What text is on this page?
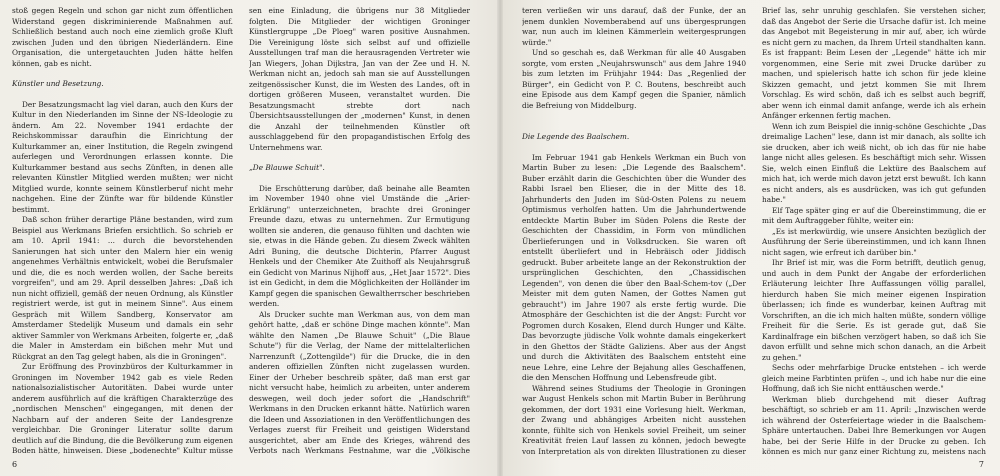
stoß gegen Regeln und schon gar nicht zum öffentlichen Widerstand gegen diskriminierende Maßnahmen auf. Schließlich bestand auch noch eine ziemlich große Kluft zwischen Juden und den übrigen Niederländern. Eine Organisation, die untergetauchten Juden hätte helfen können, gab es nicht.

Künstler und Besetzung.

Der Besatzungsmacht lag viel daran, auch den Kurs der Kultur in den Niederlanden im Sinne der NS-Ideologie zu ändern. Am 22. November 1941 erdachte der Reichskommissar daraufhin die Einrichtung der Kulturkammer an, einer Institution, die Regeln zwingend auferlegen und Verordnungen erlassen konnte. Die Kulturkammer bestand aus sechs Zünften, in denen alle relevanten Künstler Mitglied werden mußten; wer nicht Mitglied wurde, konnte seinem Künstlerberuf nicht mehr nachgehen. Eine der Zünfte war für bildende Künstler bestimmt.

Daß schon früher derartige Pläne bestanden, wird zum Beispiel aus Werkmans Briefen ersichtlich. So schrieb er am 10. April 1941: ... durch die bevorstehenden Sanierungen hat sich unter den Malern hier ein wenig angenehmes Verhältnis entwickelt, wobei die Berufsmaler und die, die es noch werden wollen, der Sache bereits vorgreifen", und am 29. April desselben Jahres: „Daß ich nun nicht offiziell, gemäß der neuen Ordnung, als Künstler registriert werde, ist gut in meinem Sinne". Aus einem Gespräch mit Willem Sandberg, Konservator am Amsterdamer Stedelijk Museum und damals ein sehr aktiver Sammler von Werkmans Arbeiten, folgerte er, „daß die Maler in Amsterdam ein bißchen mehr Mut und Rückgrat an den Tag gelegt haben, als die in Groningen".

Zur Eröffnung des Provinzbüros der Kulturkammer in Groningen im November 1942 gab es viele Reden nationalsozialistischer Autoritäten. Dabei wurde unter anderem ausführlich auf die kräftigen Charakterzüge des „nordischen Menschen" eingegangen, mit denen der Nachbarn auf der anderen Seite der Landesgrenze vergleichbar. Die Groninger Literatur sollte darum deutlich auf die Bindung, die die Bevölkerung zum eigenen Boden hätte, hinweisen. Diese „bodenechte" Kultur müsse

sen eine Einladung, die übrigens nur 38 Mitglieder folgten. Die Mitglieder der wichtigen Groninger Künstlergruppe „De Ploeg" waren positive Ausnahmen. Die Vereinigung löste sich selbst auf und offizielle Ausstellungen traf man die herausragenden Vertreter wie Jan Wiegers, Johan Dijkstra, Jan van der Zee und H. N. Werkman nicht an, jedoch sah man sie auf Ausstellungen zeitgenössischer Kunst, die im Westen des Landes, oft in dortigen größeren Museen, veranstaltet wurden. Die Besatzungsmacht strebte dort nach Übersichtsausstellungen der „modernen" Kunst, in denen die Anzahl der teilnehmenden Künstler oft ausschlaggebend für den propagandistischen Erfolg des Unternehmens war.

„De Blauwe Schuit".

Die Erschütterung darüber, daß beinahe alle Beamten im November 1940 ohne viel Umstände die „Arier-Erklärung" unterzeichneten, brachte drei Groninger Freunde dazu, etwas zu unternehmen. Zur Ermutigung wollten sie anderen, die genauso fühlten und dachten wie sie, etwas in die Hände geben. Zu diesem Zweck wählten Adri Buning, die deutsche Dichterin, Pfarrer August Henkels und der Chemiker Ate Zuithoff als Neujahrsgruß ein Gedicht von Marinus Nijhoff aus, „Het Jaar 1572". Dies ist ein Gedicht, in dem die Möglichkeiten der Holländer im Kampf gegen die spanischen Gewaltherrscher beschrieben werden.

Als Drucker suchte man Werkman aus, von dem man gehört hatte, „daß er schöne Dinge machen könnte". Man wählte den Namen „De Blauwe Schuit" („Die Blaue Schute") für die Verlag, der Name der mittelalterlichen Narrenzunft („Zottengilde") für die Drucke, die in den anderen offiziellen Zünften nicht zugelassen wurden. Einer der Urheber beschreib später, daß man erst gar nicht versucht habe, heimlich zu arbeiten, unter anderem deswegen, weil doch jeder sofort die „Handschrift" Werkmans in den Drucken erkannt hätte. Natürlich waren die Ideen und Assoziationen in den Veröffentlichungen des Verlages zuerst für Freiheit und geistigen Widerstand ausgerichtet, aber am Ende des Krieges, während des Verbots nach Werkmans Festnahme, war die „Völkische

6

teren verließen wir uns darauf, daß der Funke, der an jenem dunklen Novemberabend auf uns übergesprungen war, nun auch im kleinen Kämmerlein weitergesprungen würde."

Und so geschah es, daß Werkman für alle 40 Ausgaben sorgte, vom ersten „Neujahrswunsch" aus dem Jahre 1940 bis zum letzten im Frühjahr 1944: Das „Regenlied der Bürger", ein Gedicht von P. C. Boutens, beschreibt auch eine Episode aus dem Kampf gegen die Spanier, nämlich die Befreiung von Middelburg.

Die Legende des Baalschem.

Im Februar 1941 gab Henkels Werkman ein Buch von Martin Buber zu lesen: „Die Legende des Baalschem". Buber erzählt darin die Geschichten über die Wunder des Rabbi Israel ben Elieser, die in der Mitte des 18. Jahrhunderts den Juden im Süd-Osten Polens zu neuem Optimismus verholfen hatten. Um die Jahrhundertwende entdeckte Martin Buber im Süden Polens die Reste der Geschichten der Chassidim, in Form von mündlichen Überlieferungen und in Volksdrucken. Sie waren oft entstellt überliefert und in Hebräisch oder Jiddisch gedruckt. Buber arbeitete lange an der Rekonstruktion der ursprünglichen Geschichten, den „Chassidischen Legenden", von denen die über den Baal-Schem-tov („Der Meister mit dem guten Namen, der Gottes Namen gut gebraucht") im Jahre 1907 als erste fertig wurde. Die Atmosphäre der Geschichten ist die der Angst: Furcht vor Pogromen durch Kosaken, Elend durch Hunger und Kälte. Das bevorzugte jüdische Volk wohnte damals eingekerkert in den Ghettos der Städte Galiziens. Aber aus der Angst und durch die Aktivitäten des Baalschem entsteht eine neue Lehre, eine Lehre der Bejahung alles Geschaffenen, die den Menschen Hoffnung und Lebensfreude gibt.

Während seines Studiums der Theologie in Groningen war August Henkels schon mit Martin Buber in Berührung gekommen, der dort 1931 eine Vorlesung hielt. Werkman, der Zwang und abhängiges Arbeiten nicht ausstehen konnte, fühlte sich von Henkels soviel Freiheit, um seiner Kreativität freien Lauf lassen zu können, jedoch bewegte von Interpretation als von direkten Illustrationen zu dieser

Brief las, sehr unruhig geschlafen. Sie verstehen sicher, daß das Angebot der Serie die Ursache dafür ist. Ich meine das Angebot mit Begeisterung in mir auf, aber, ich würde es nicht gern zu machen, da Ihrem Urteil standhalten kann. Es ist frappant: Beim Lesen der „Legende" hätte ich mir vorgenommen, eine Serie mit zwei Drucke darüber zu machen, und spielerisch hatte ich schon für jede kleine Skizzen gemacht, und jetzt kommen Sie mit Ihrem Vorschlag. Es wird schön, daß ich es selbst auch begriff, aber wenn ich einmal damit anfange, werde ich als erhein Anfänger erkennen fertig machen.

Wenn ich zum Beispiel die innig-schöne Geschichte „Das dreimalige Lachen" lese, dann ist mir danach, als sollte ich sie drucken, aber ich weiß nicht, ob ich das für nie habe lange nicht alles gelesen. Es beschäftigt mich sehr. Wissen Sie, welch einen Einfluß die Lektüre des Baalschem auf mich hat, ich werde mich davon jetzt erst bewußt. Ich kann es nicht anders, als es ausdrücken, was ich gut gefunden habe."

Elf Tage später ging er auf die Übereinstimmung, die er mit dem Auftraggeber fühlte, weiter ein:

„Es ist merkwürdig, wie unsere Ansichten bezüglich der Ausführung der Serie übereinstimmen, und ich kann Ihnen nicht sagen, wie erfreut ich darüber bin."

Ihr Brief ist mir, was die Form betrifft, deutlich genug, und auch in dem Punkt der Angabe der erforderlichen Erläuterung leichter Ihre Auffassungen völlig parallel, hierdurch haben Sie mich meiner eigenen Inspiration überlassen; ich finde es wunderbar, keinen Auftrag mit Vorschriften, an die ich mich halten müßte, sondern völlige Freiheit für die Serie. Es ist gerade gut, daß Sie Kardinalfrage ein bißchen verzögert haben, so daß ich Sie davon erfüllt und sehne mich schon danach, an die Arbeit zu gehen."

Sechs oder mehrfarbige Drucke entstehen – ich werde gleich meine Farbtinten prüfen –, und ich habe nur die eine Hoffnung, daß ich Sie nicht enttäuschen werde."

Werkman blieb durchgehend mit dieser Auftrag beschäftigt, so schrieb er am 11. April: „Inzwischen werde ich während der Osterfeiertage wieder in die Baalschem-Sphäre untertauchen. Dabei Ihre Bemerkungen vor Augen habe, bei der Serie Hilfe in der Drucke zu geben. Ich können es mich nur ganz einer Richtung zu, meistens nach

7
